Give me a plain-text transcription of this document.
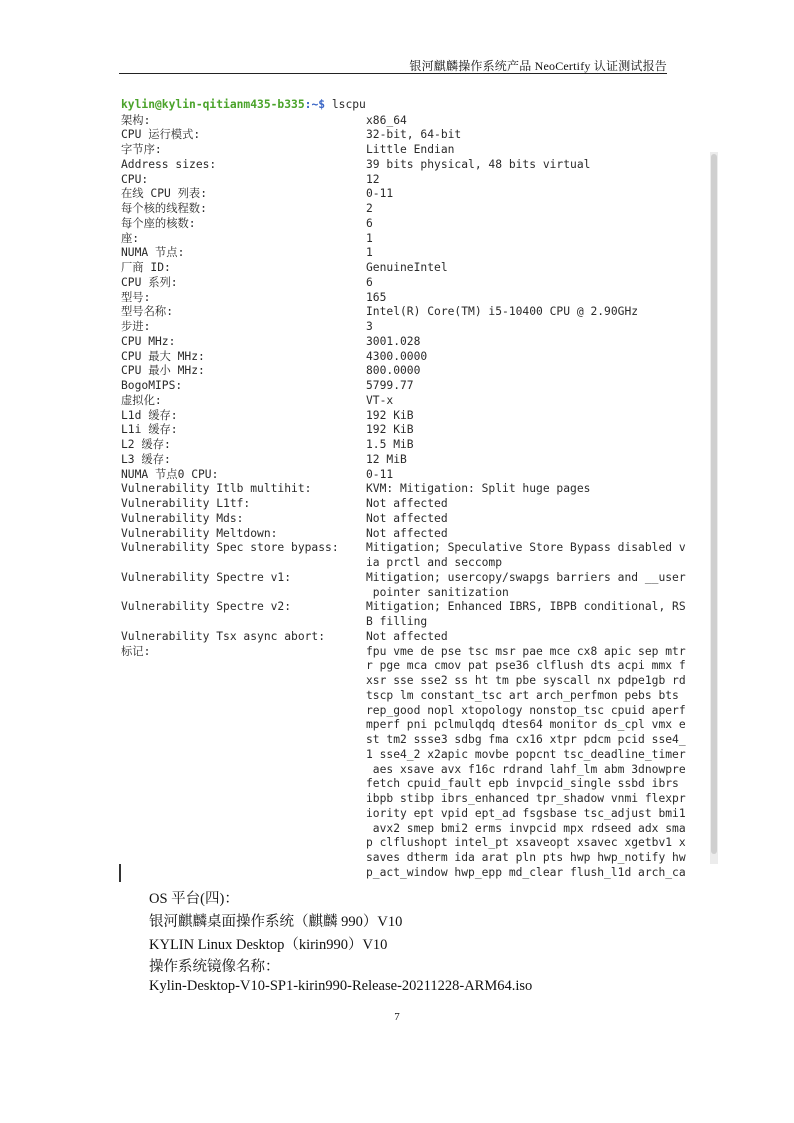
银河麒麟操作系统产品 NeoCertify 认证测试报告
kylin@kylin-qitianm435-b335:~$ lscpu
架构:	x86_64
CPU 运行模式:	32-bit, 64-bit
字节序:	Little Endian
Address sizes:	39 bits physical, 48 bits virtual
CPU:	12
在线 CPU 列表:	0-11
每个核的线程数:	2
每个座的核数:	6
座:	1
NUMA 节点:	1
厂商 ID:	GenuineIntel
CPU 系列:	6
型号:	165
型号名称:	Intel(R) Core(TM) i5-10400 CPU @ 2.90GHz
步进:	3
CPU MHz:	3001.028
CPU 最大 MHz:	4300.0000
CPU 最小 MHz:	800.0000
BogoMIPS:	5799.77
虚拟化:	VT-x
L1d 缓存:	192 KiB
L1i 缓存:	192 KiB
L2 缓存:	1.5 MiB
L3 缓存:	12 MiB
NUMA 节点0 CPU:	0-11
Vulnerability Itlb multihit:	KVM: Mitigation: Split huge pages
Vulnerability L1tf:	Not affected
Vulnerability Mds:	Not affected
Vulnerability Meltdown:	Not affected
Vulnerability Spec store bypass: Mitigation; Speculative Store Bypass disabled v
ia prctl and seccomp
Vulnerability Spectre v1:	Mitigation; usercopy/swapgs barriers and __user
pointer sanitization
Vulnerability Spectre v2:	Mitigation; Enhanced IBRS, IBPB conditional, RS
B filling
Vulnerability Tsx async abort:	Not affected
标记:	fpu vme de pse tsc msr pae mce cx8 apic sep mtr
r pge mca cmov pat pse36 clflush dts acpi mmx f
xsr sse sse2 ss ht tm pbe syscall nx pdpe1gb rd
tscp lm constant_tsc art arch_perfmon pebs bts
rep_good nopl xtopology nonstop_tsc cpuid aperf
mperf pni pclmulqdq dtes64 monitor ds_cpl vmx e
st tm2 ssse3 sdbg fma cx16 xtpr pdcm pcid sse4_
1 sse4_2 x2apic movbe popcnt tsc_deadline_timer
aes xsave avx f16c rdrand lahf_lm abm 3dnowpre
fetch cpuid_fault epb invpcid_single ssbd ibrs
ibpb stibp ibrs_enhanced tpr_shadow vnmi flexpr
iority ept vpid ept_ad fsgsbase tsc_adjust bmi1
avx2 smep bmi2 erms invpcid mpx rdseed adx sma
p clflushopt intel_pt xsaveopt xsavec xgetbv1 x
saves dtherm ida arat pln pts hwp hwp_notify hw
p_act_window hwp_epp md_clear flush_l1d arch_ca
OS 平台(四)：
银河麒麟桌面操作系统（麒麟 990）V10
KYLIN Linux Desktop（kirin990）V10
操作系统镜像名称：
Kylin-Desktop-V10-SP1-kirin990-Release-20211228-ARM64.iso
7
